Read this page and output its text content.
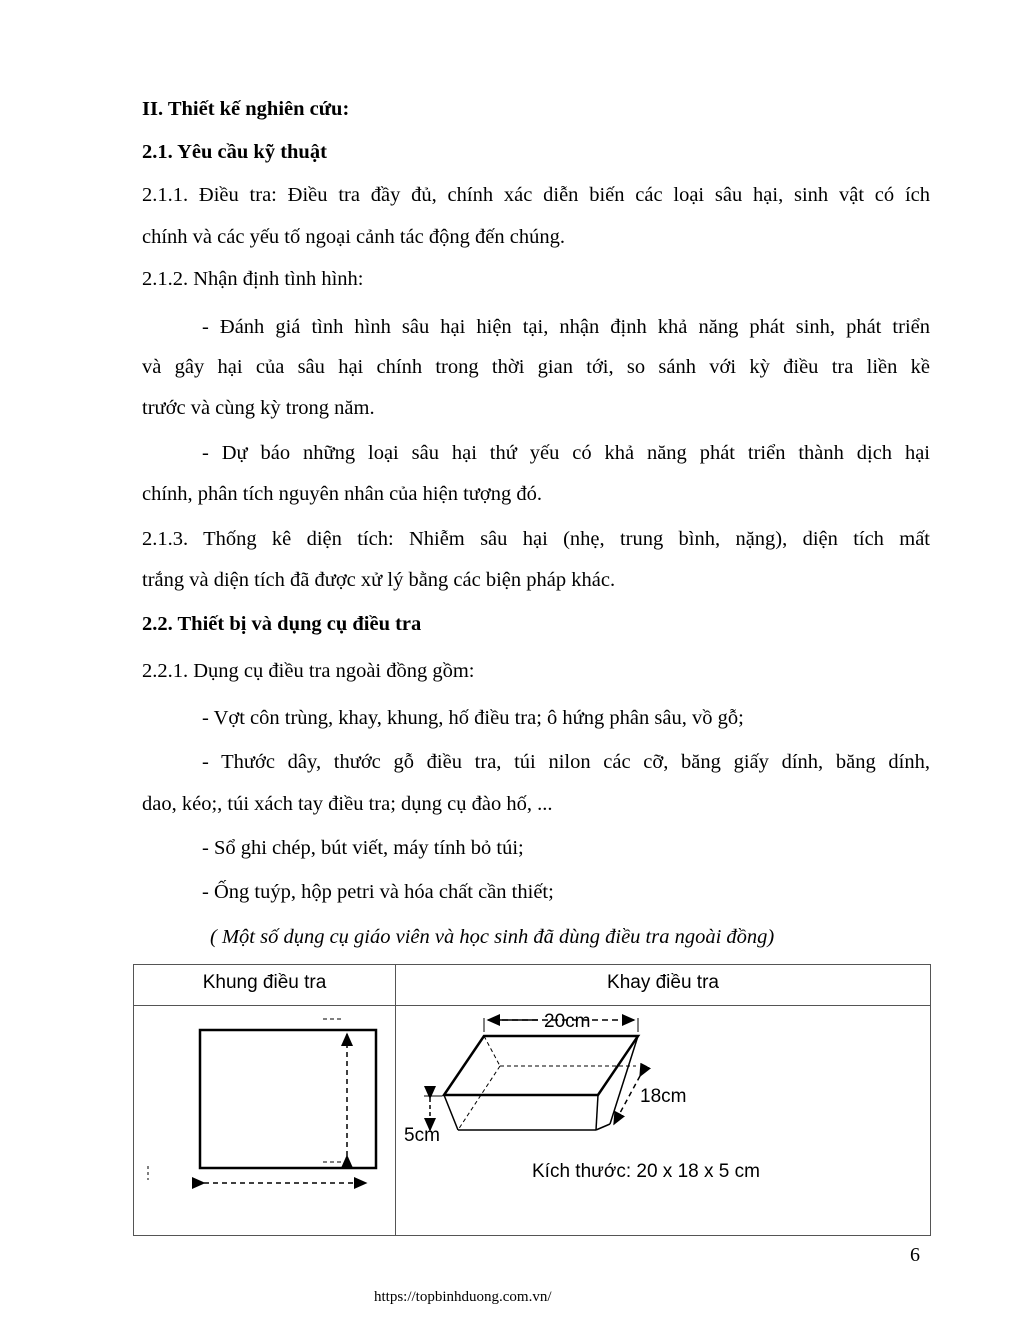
II. Thiết kế nghiên cứu:
2.1. Yêu cầu kỹ thuật
2.1.1. Điều tra: Điều tra đầy đủ, chính xác diễn biến các loại sâu hại, sinh vật có ích
chính và các yếu tố ngoại cảnh tác động đến chúng.
2.1.2. Nhận định tình hình:
- Đánh giá tình hình sâu hại hiện tại, nhận định khả năng phát sinh, phát triển
và gây hại của sâu hại chính trong thời gian tới, so sánh với kỳ điều tra liền kề
trước và cùng kỳ trong năm.
- Dự báo những loại sâu hại thứ yếu có khả năng phát triển thành dịch hại
chính, phân tích nguyên nhân của hiện tượng đó.
2.1.3. Thống kê diện tích: Nhiễm sâu hại (nhẹ, trung bình, nặng), diện tích mất
trắng và diện tích đã được xử lý bằng các biện pháp khác.
2.2. Thiết bị và dụng cụ điều tra
2.2.1. Dụng cụ điều tra ngoài đồng gồm:
- Vợt côn trùng, khay, khung, hố điều tra; ô hứng phân sâu, vồ gỗ;
- Thước dây, thước gỗ điều tra, túi nilon các cỡ, băng giấy dính, băng dính,
dao, kéo;, túi xách tay điều tra; dụng cụ đào hố, ...
- Sổ ghi chép, bút viết, máy tính bỏ túi;
- Ống tuýp, hộp petri và hóa chất cần thiết;
( Một số dụng cụ giáo viên và học sinh đã dùng điều tra ngoài đồng)
Khung điều tra	Khay điều tra

20cm
18cm
5cm
Kích thước: 20 x 18 x 5 cm
6
https://topbinhduong.com.vn/
